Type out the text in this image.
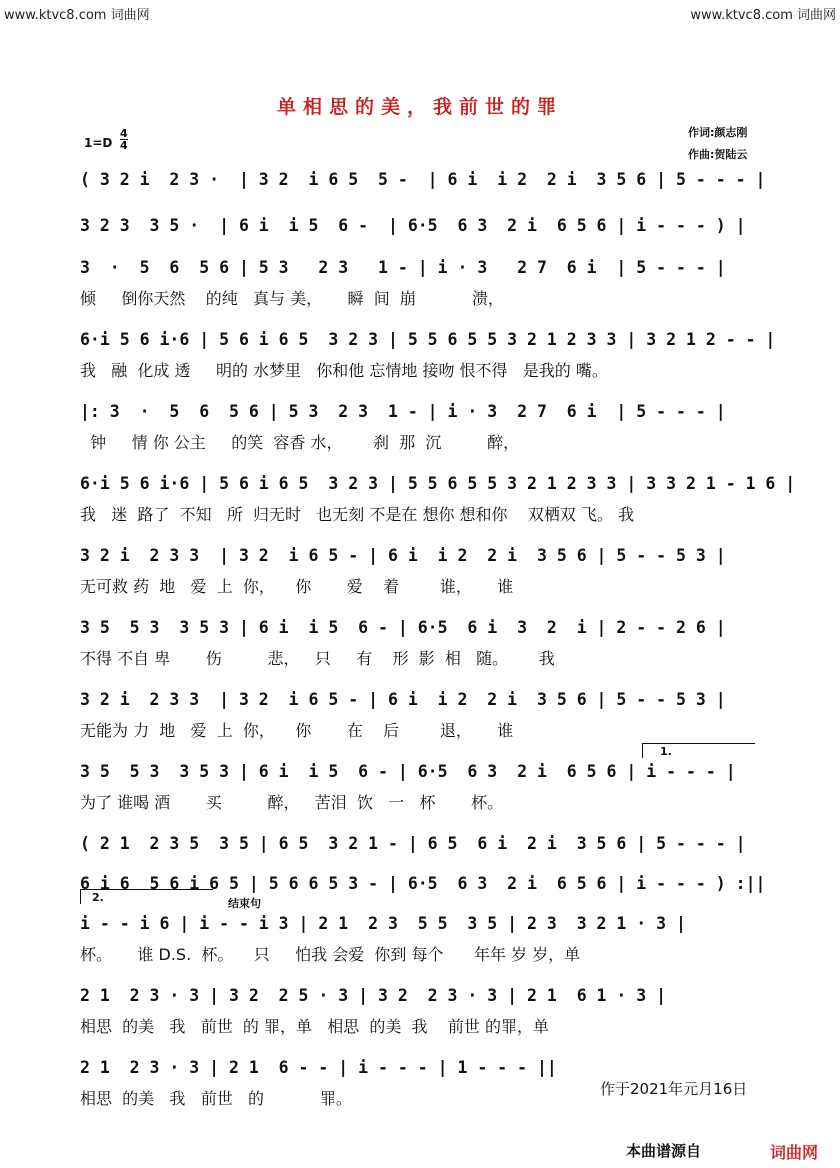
www.ktvc8.com 词曲网	www.ktvc8.com 词曲网
单相思的美，我前世的罪
作词:颜志刚
作曲:贺陆云
1=D
4
4
( 3 2 i  2 3 ·  | 3 2  i 6 5  5 -  | 6 i  i 2  2 i  3 5 6 | 5 - - - |
3 2 3  3 5 ·  | 6 i  i 5  6 -  | 6·5  6 3  2 i  6 5 6 | i - - - ) |
3  ·  5  6  5 6 | 5 3   2 3   1 - | i · 3   2 7  6 i  | 5 - - - |
倾     倒你天然    的纯   真与 美，     瞬  间  崩           溃，
6·i 5 6 i·6 | 5 6 i 6 5  3 2 3 | 5 5 6 5 5 3 2 1 2 3 3 | 3 2 1 2 - - |
我   融  化成 透     明的 水梦里   你和他 忘情地 接吻 恨不得   是我的 嘴。
|: 3  ·  5  6  5 6 | 5 3  2 3  1 - | i · 3  2 7  6 i  | 5 - - - |
钟     情 你 公主     的笑  容香 水，      刹  那  沉         醉，
6·i 5 6 i·6 | 5 6 i 6 5  3 2 3 | 5 5 6 5 5 3 2 1 2 3 3 | 3 3 2 1 - 1 6 |
我   迷  路了  不知   所  归无时   也无刻 不是在 想你 想和你    双栖双 飞。 我
3 2 i  2 3 3  | 3 2  i 6 5 - | 6 i  i 2  2 i  3 5 6 | 5 - - 5 3 |
无可救 药  地   爱  上  你，    你       爱    着        谁，     谁
3 5  5 3  3 5 3 | 6 i  i 5  6 - | 6·5  6 i  3  2  i | 2 - - 2 6 |
不得 不自 卑       伤         悲，   只     有    形  影  相   随。      我
3 2 i  2 3 3  | 3 2  i 6 5 - | 6 i  i 2  2 i  3 5 6 | 5 - - 5 3 |
无能为 力  地   爱  上  你，    你       在    后        退，     谁
3 5  5 3  3 5 3 | 6 i  i 5  6 - | 6·5  6 3  2 i  6 5 6 | i - - - |
为了 谁喝 酒       买         醉，   苦泪  饮   一   杯       杯。
( 2 1  2 3 5  3 5 | 6 5  3 2 1 - | 6 5  6 i  2 i  3 5 6 | 5 - - - |
6 i 6  5 6 i 6 5 | 5 6 6 5 3 - | 6·5  6 3  2 i  6 5 6 | i - - - ) :||
i - - i 6 | i - - i 3 | 2 1  2 3  5 5  3 5 | 2 3  3 2 1 · 3 |
杯。     谁 D.S.  杯。    只     怕我 会爱  你到 每个      年年 岁 岁，单
2 1  2 3 · 3 | 3 2  2 5 · 3 | 3 2  2 3 · 3 | 2 1  6 1 · 3 |
相思  的美   我   前世  的 罪，单   相思  的美  我    前世 的罪，单
2 1  2 3 · 3 | 2 1  6 - - | i - - - | 1 - - - ||
相思  的美   我   前世   的           罪。
结束句
1.
2.
作于2021年元月16日
本曲谱源自	词曲网
